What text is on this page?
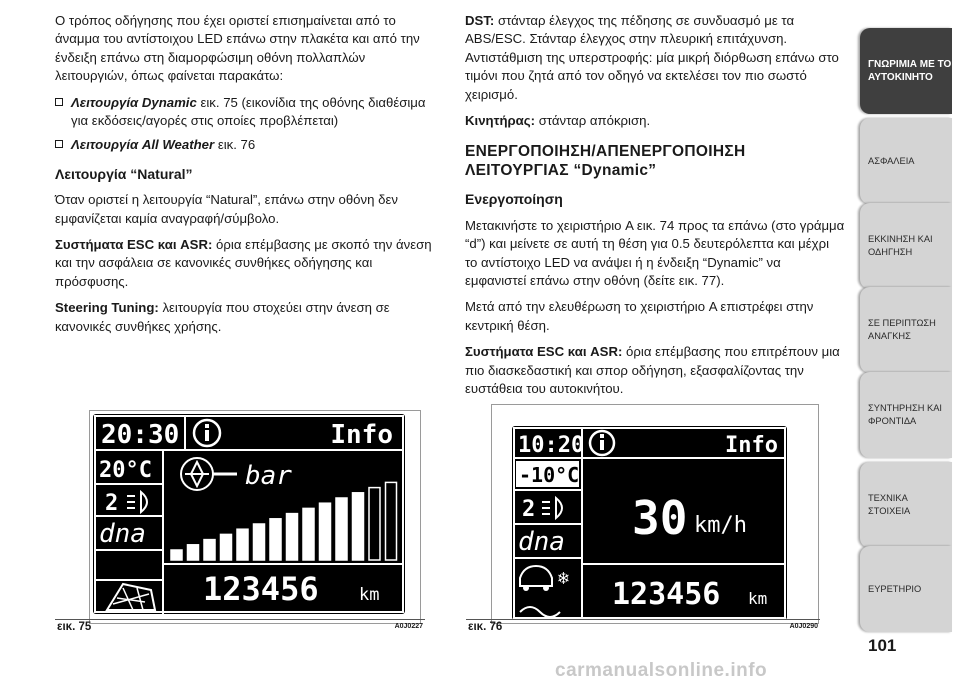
Ο τρόπος οδήγησης που έχει οριστεί επισημαίνεται από το άναμμα του αντίστοιχου LED επάνω στην πλακέτα και από την ένδειξη επάνω στη διαμορφώσιμη οθόνη πολλαπλών λειτουργιών, όπως φαίνεται παρακάτω:

Λειτουργία Dynamic εικ. 75 (εικονίδια της οθόνης διαθέσιμα για εκδόσεις/αγορές στις οποίες προβλέπεται)
Λειτουργία All Weather εικ. 76
Λειτουργία “Natural”

Όταν οριστεί η λειτουργία “Natural”, επάνω στην οθόνη δεν εμφανίζεται καμία αναγραφή/σύμβολο.

Συστήματα ESC και ASR: όρια επέμβασης με σκοπό την άνεση και την ασφάλεια σε κανονικές συνθήκες οδήγησης και πρόσφυσης.

Steering Tuning: λειτουργία που στοχεύει στην άνεση σε κανονικές συνθήκες χρήσης.

DST: στάνταρ έλεγχος της πέδησης σε συνδυασμό με τα ABS/ESC. Στάνταρ έλεγχος στην πλευρική επιτάχυνση. Αντιστάθμιση της υπερστροφής: μία μικρή διόρθωση επάνω στο τιμόνι που ζητά από τον οδηγό να εκτελέσει τον πιο σωστό χειρισμό.

Κινητήρας: στάνταρ απόκριση.

ΕΝΕΡΓΟΠΟΙΗΣΗ/ΑΠΕΝΕΡΓΟΠΟΙΗΣΗ
ΛΕΙΤΟΥΡΓΙΑΣ “Dynamic”
Ενεργοποίηση

Μετακινήστε το χειριστήριο A εικ. 74 προς τα επάνω (στο γράμμα “d”) και μείνετε σε αυτή τη θέση για 0.5 δευτερόλεπτα και μέχρι το αντίστοιχο LED να ανάψει ή η ένδειξη “Dynamic” να εμφανιστεί επάνω στην οθόνη (δείτε εικ. 77).

Μετά από την ελευθέρωση το χειριστήριο A επιστρέφει στην κεντρική θέση.

Συστήματα ESC και ASR: όρια επέμβασης που επιτρέπουν μια πιο διασκεδαστική και σπορ οδήγηση, εξασφαλίζοντας την ευστάθεια του αυτοκινήτου.

20:30	Info
20°C
2
dna
bar
123456 km
εικ. 75	A0J0227
10:20	Info
-10°C
2
dna
❄
30 km/h
123456 km
εικ. 76	A0J0290
ΓΝΩΡΙΜΙΑ ΜΕ ΤΟ ΑΥΤΟΚΙΝΗΤΟ
ΑΣΦΑΛΕΙΑ
ΕΚΚΙΝΗΣΗ ΚΑΙ ΟΔΗΓΗΣΗ
ΣΕ ΠΕΡΙΠΤΩΣΗ ΑΝΑΓΚΗΣ
ΣΥΝΤΗΡΗΣΗ ΚΑΙ ΦΡΟΝΤΙΔΑ
ΤΕΧΝΙΚΑ ΣΤΟΙΧΕΙΑ
ΕΥΡΕΤΗΡΙΟ
101
carmanualsonline.info
